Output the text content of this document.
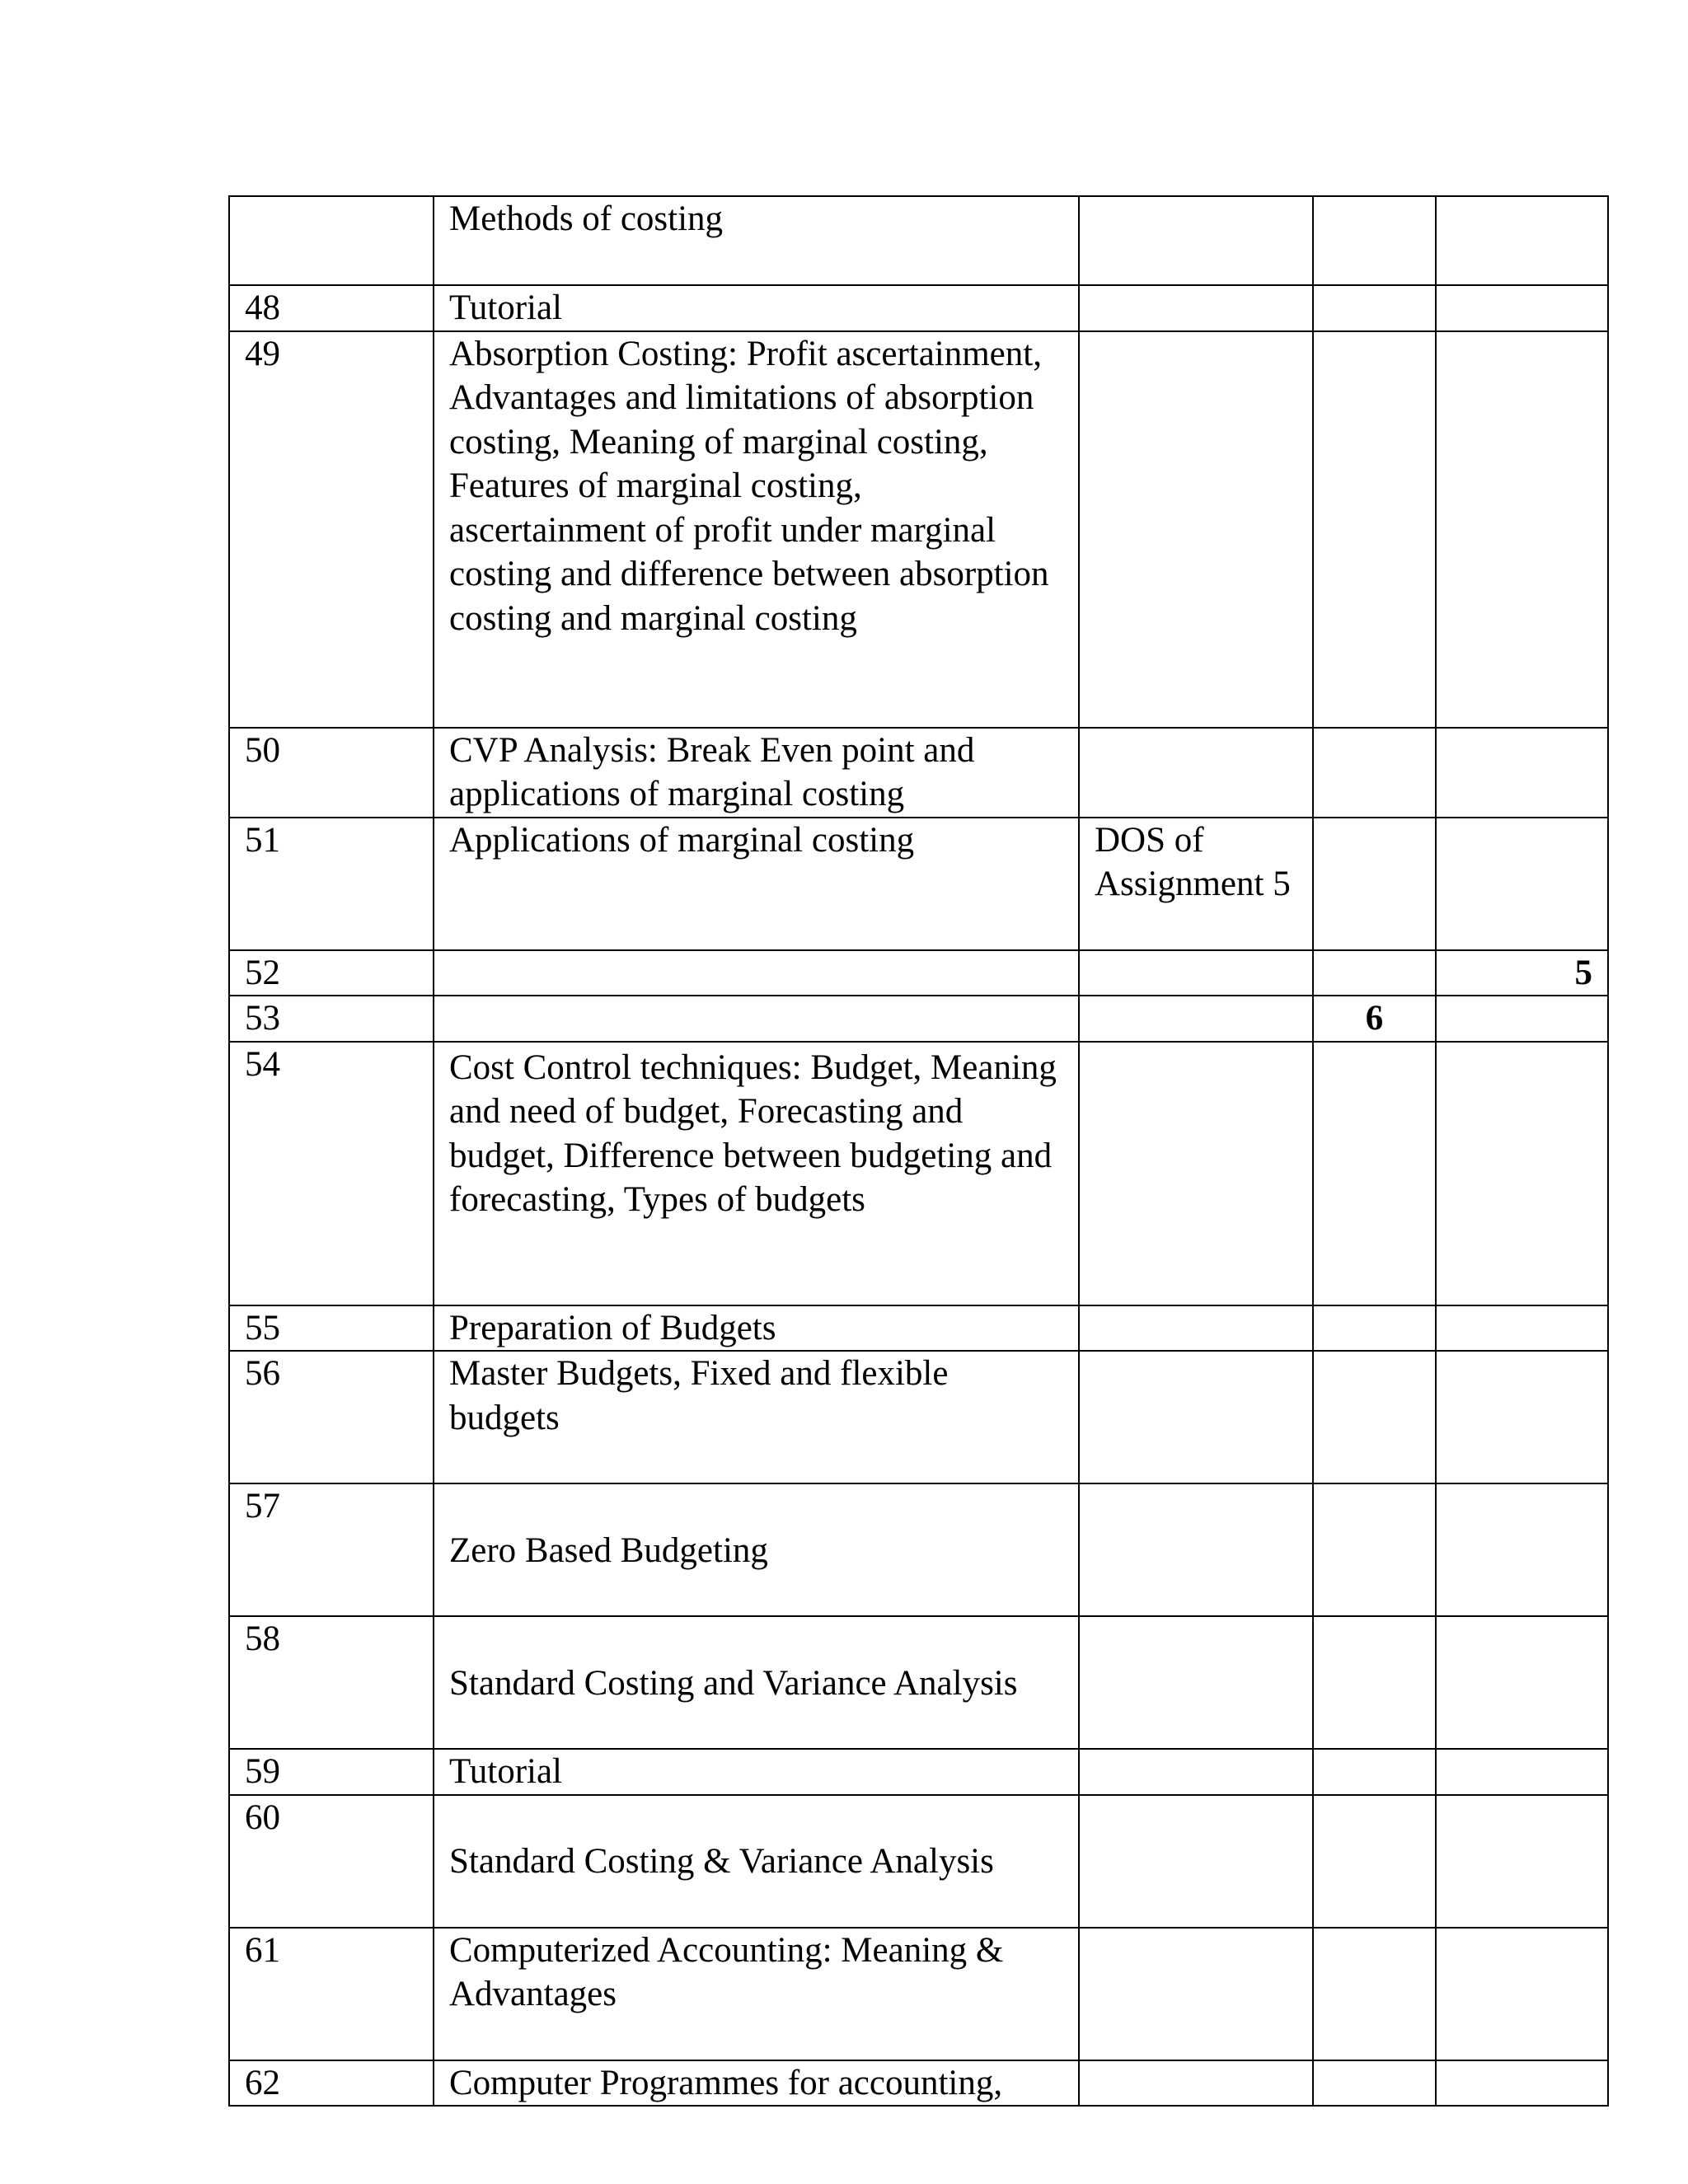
	Methods of costing			
48	Tutorial			
49	Absorption Costing: Profit ascertainment, Advantages and limitations of absorption costing, Meaning of marginal costing, Features of marginal costing, ascertainment of profit under marginal costing and difference between absorption costing and marginal costing			
50	CVP Analysis: Break Even point and applications of marginal costing			
51	Applications of marginal costing	DOS of Assignment 5		
52				5
53			6	
54	Cost Control techniques: Budget, Meaning and need of budget, Forecasting and budget, Difference between budgeting and forecasting, Types of budgets			
55	Preparation of Budgets			
56	Master Budgets, Fixed and flexible budgets			
57	Zero Based Budgeting			
58	Standard Costing and Variance Analysis			
59	Tutorial			
60	Standard Costing & Variance Analysis			
61	Computerized Accounting: Meaning & Advantages			
62	Computer Programmes for accounting,			
